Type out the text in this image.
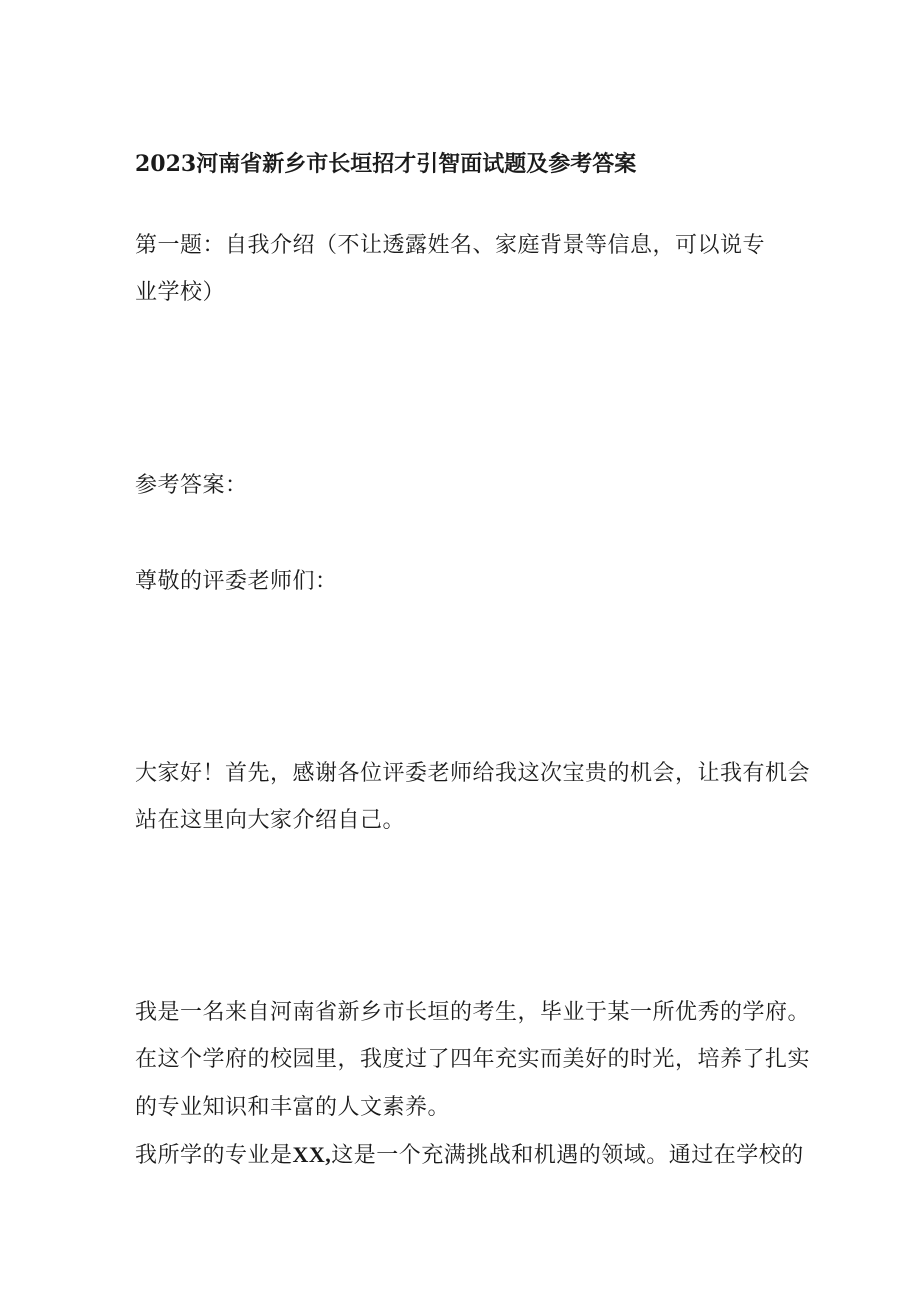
2023河南省新乡市长垣招才引智面试题及参考答案
第一题：自我介绍（不让透露姓名、家庭背景等信息，可以说专
业学校）
参考答案：
尊敬的评委老师们：
大家好！首先，感谢各位评委老师给我这次宝贵的机会，让我有机会
站在这里向大家介绍自己。
我是一名来自河南省新乡市长垣的考生，毕业于某一所优秀的学府。
在这个学府的校园里，我度过了四年充实而美好的时光，培养了扎实
的专业知识和丰富的人文素养。
我所学的专业是XX,这是一个充满挑战和机遇的领域。通过在学校的
